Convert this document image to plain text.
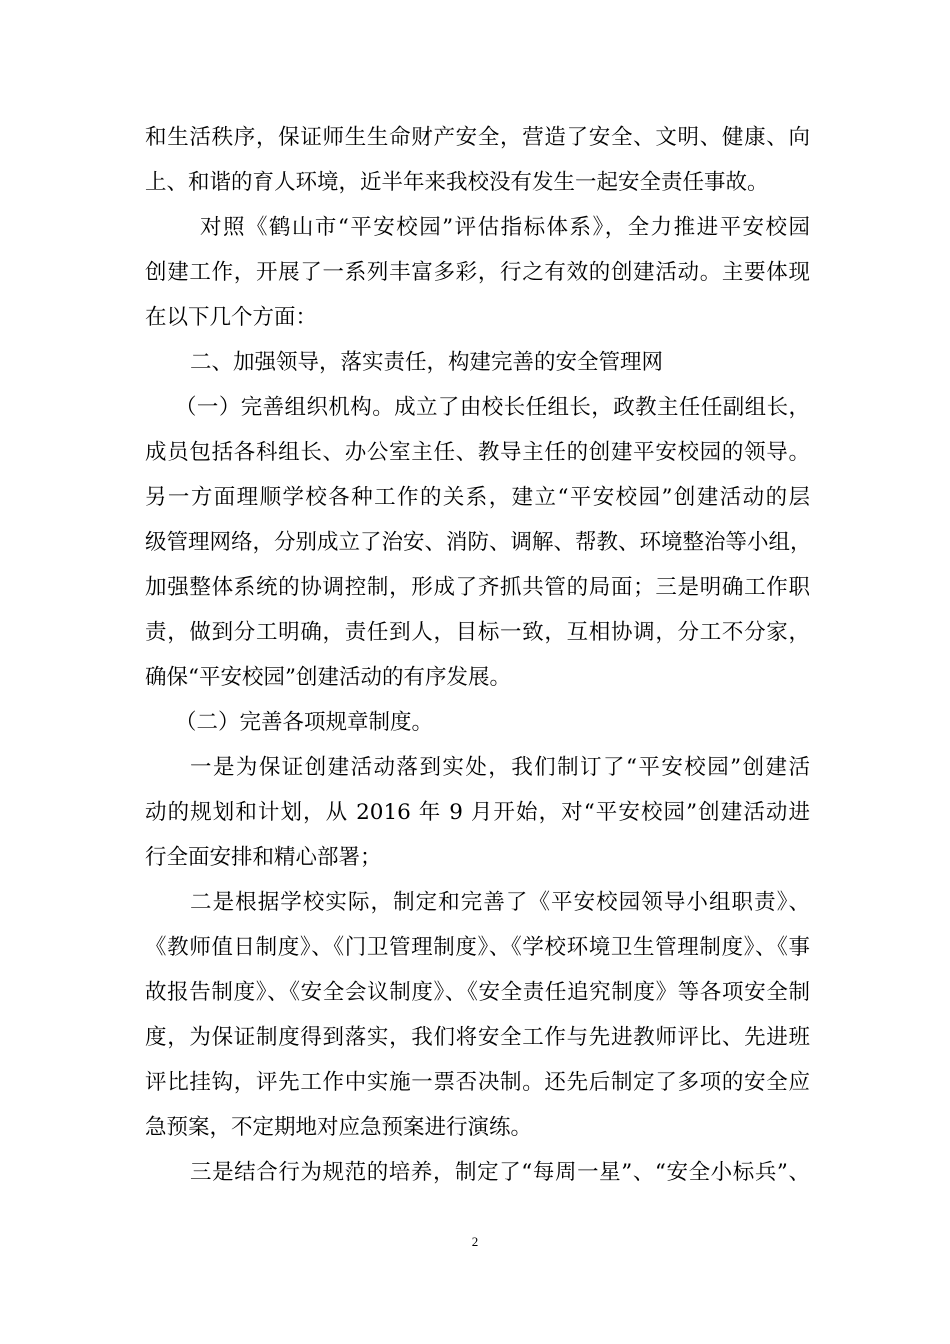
和生活秩序，保证师生生命财产安全，营造了安全、文明、健康、向
上、和谐的育人环境，近半年来我校没有发生一起安全责任事故。
对照《鹤山市“平安校园”评估指标体系》，全力推进平安校园
创建工作，开展了一系列丰富多彩，行之有效的创建活动。主要体现
在以下几个方面：
二、加强领导，落实责任，构建完善的安全管理网
（一）完善组织机构。成立了由校长任组长，政教主任任副组长，
成员包括各科组长、办公室主任、教导主任的创建平安校园的领导。
另一方面理顺学校各种工作的关系，建立“平安校园”创建活动的层
级管理网络，分别成立了治安、消防、调解、帮教、环境整治等小组，
加强整体系统的协调控制，形成了齐抓共管的局面；三是明确工作职
责，做到分工明确，责任到人，目标一致，互相协调，分工不分家，
确保“平安校园”创建活动的有序发展。
（二）完善各项规章制度。
一是为保证创建活动落到实处，我们制订了“平安校园”创建活
动的规划和计划，从 2016 年 9 月开始，对“平安校园”创建活动进
行全面安排和精心部署；
二是根据学校实际，制定和完善了《平安校园领导小组职责》、
《教师值日制度》、《门卫管理制度》、《学校环境卫生管理制度》、《事
故报告制度》、《安全会议制度》、《安全责任追究制度》等各项安全制
度，为保证制度得到落实，我们将安全工作与先进教师评比、先进班
评比挂钩，评先工作中实施一票否决制。还先后制定了多项的安全应
急预案，不定期地对应急预案进行演练。
三是结合行为规范的培养，制定了“每周一星”、“安全小标兵”、
2
